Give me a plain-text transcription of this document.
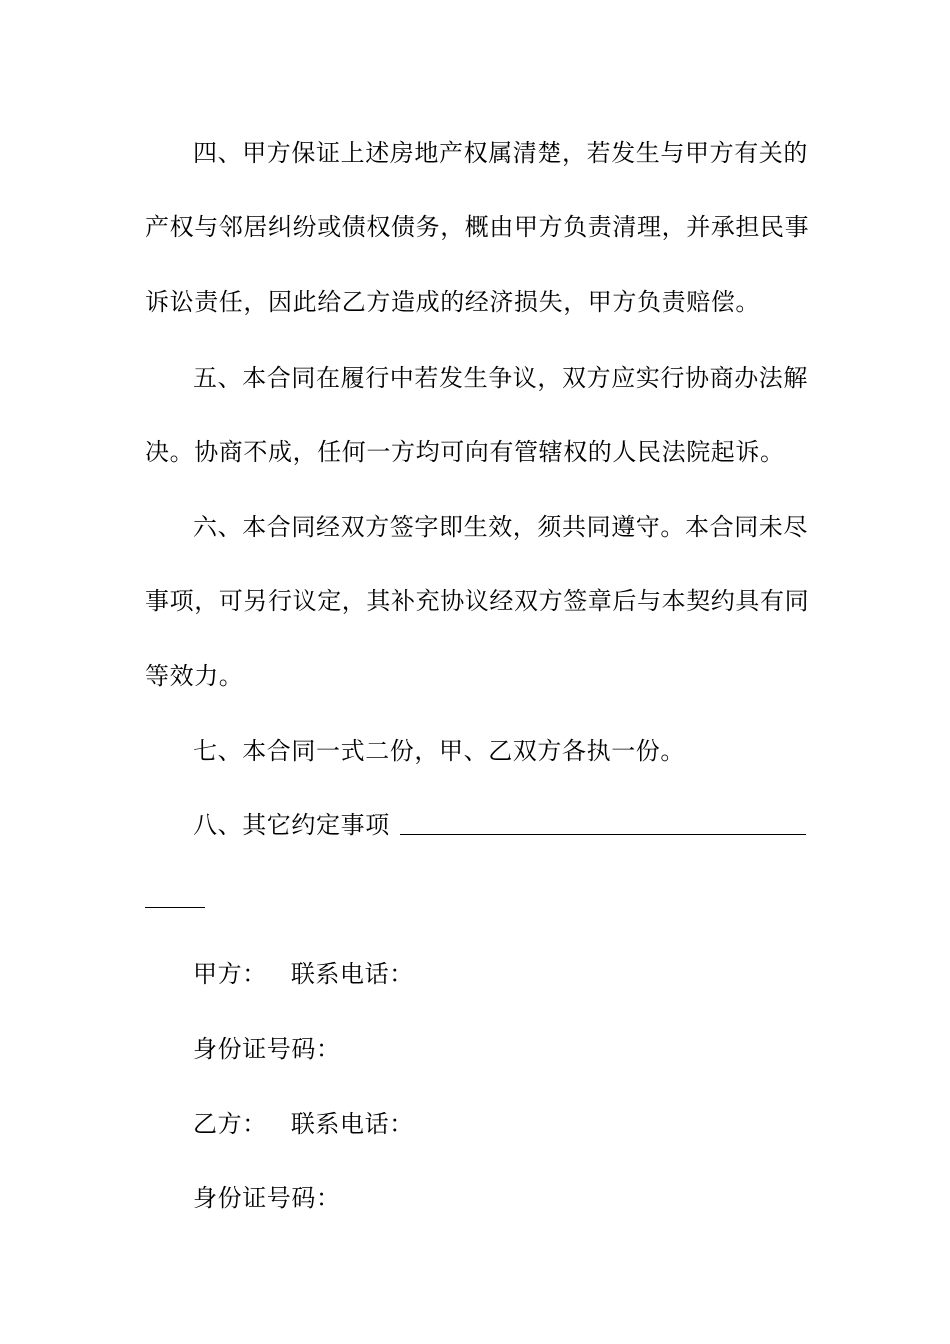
四、甲方保证上述房地产权属清楚，若发生与甲方有关的
产权与邻居纠纷或债权债务，概由甲方负责清理，并承担民事
诉讼责任，因此给乙方造成的经济损失，甲方负责赔偿。
五、本合同在履行中若发生争议，双方应实行协商办法解
决。协商不成，任何一方均可向有管辖权的人民法院起诉。
六、本合同经双方签字即生效，须共同遵守。本合同未尽
事项，可另行议定，其补充协议经双方签章后与本契约具有同
等效力。
七、本合同一式二份，甲、乙双方各执一份。
八、其它约定事项
甲方： 联系电话：
身份证号码：
乙方： 联系电话：
身份证号码：
